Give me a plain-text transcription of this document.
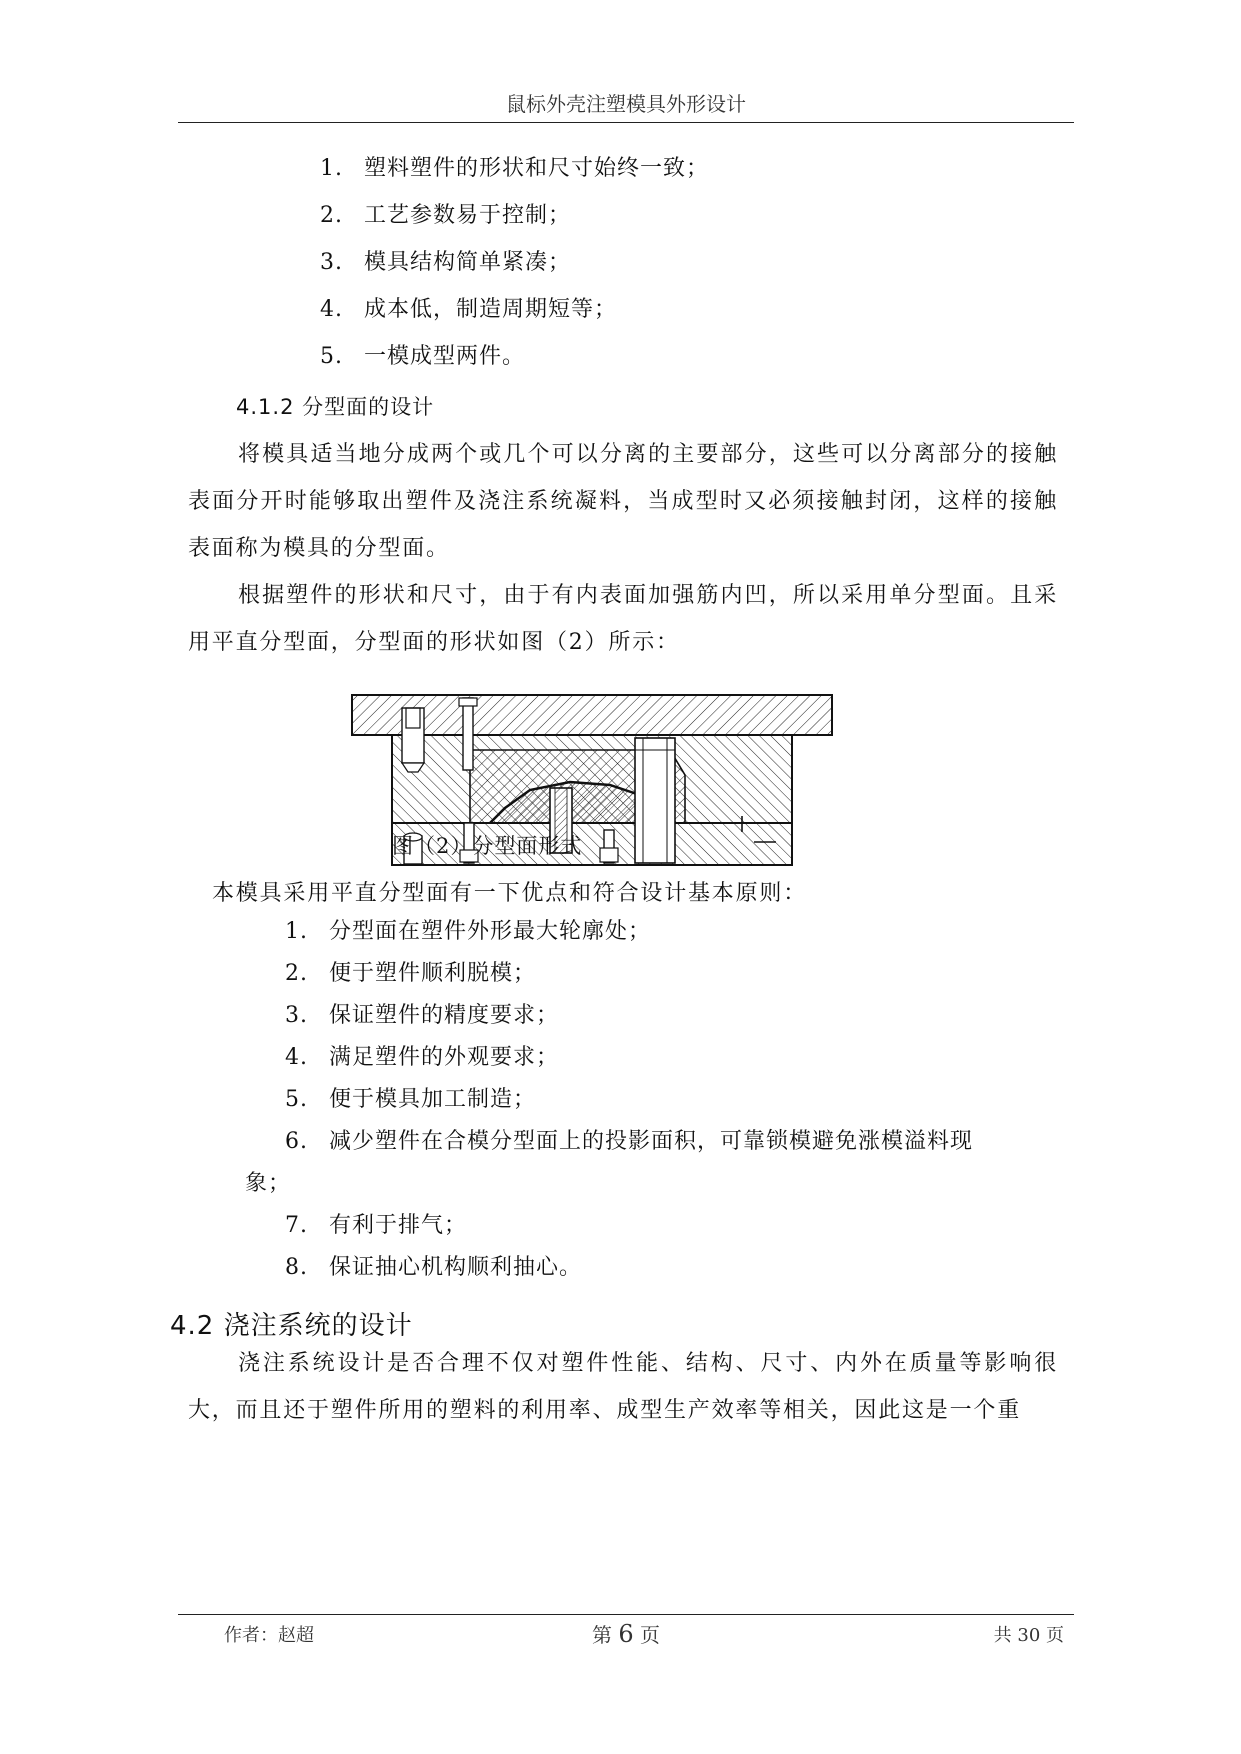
鼠标外壳注塑模具外形设计
1. 塑料塑件的形状和尺寸始终一致；
2. 工艺参数易于控制；
3. 模具结构简单紧凑；
4. 成本低，制造周期短等；
5. 一模成型两件。
4.1.2 分型面的设计
将模具适当地分成两个或几个可以分离的主要部分，这些可以分离部分的接触表面分开时能够取出塑件及浇注系统凝料，当成型时又必须接触封闭，这样的接触表面称为模具的分型面。
根据塑件的形状和尺寸，由于有内表面加强筋内凹，所以采用单分型面。且采用平直分型面，分型面的形状如图（2）所示：
图（2）分型面形式
本模具采用平直分型面有一下优点和符合设计基本原则：
1. 分型面在塑件外形最大轮廓处；
2. 便于塑件顺利脱模；
3. 保证塑件的精度要求；
4. 满足塑件的外观要求；
5. 便于模具加工制造；
6. 减少塑件在合模分型面上的投影面积，可靠锁模避免涨模溢料现
象；
7. 有利于排气；
8. 保证抽心机构顺利抽心。
4.2 浇注系统的设计
浇注系统设计是否合理不仅对塑件性能、结构、尺寸、内外在质量等影响很大，而且还于塑件所用的塑料的利用率、成型生产效率等相关，因此这是一个重
作者：赵超	第 6 页	共 30 页
